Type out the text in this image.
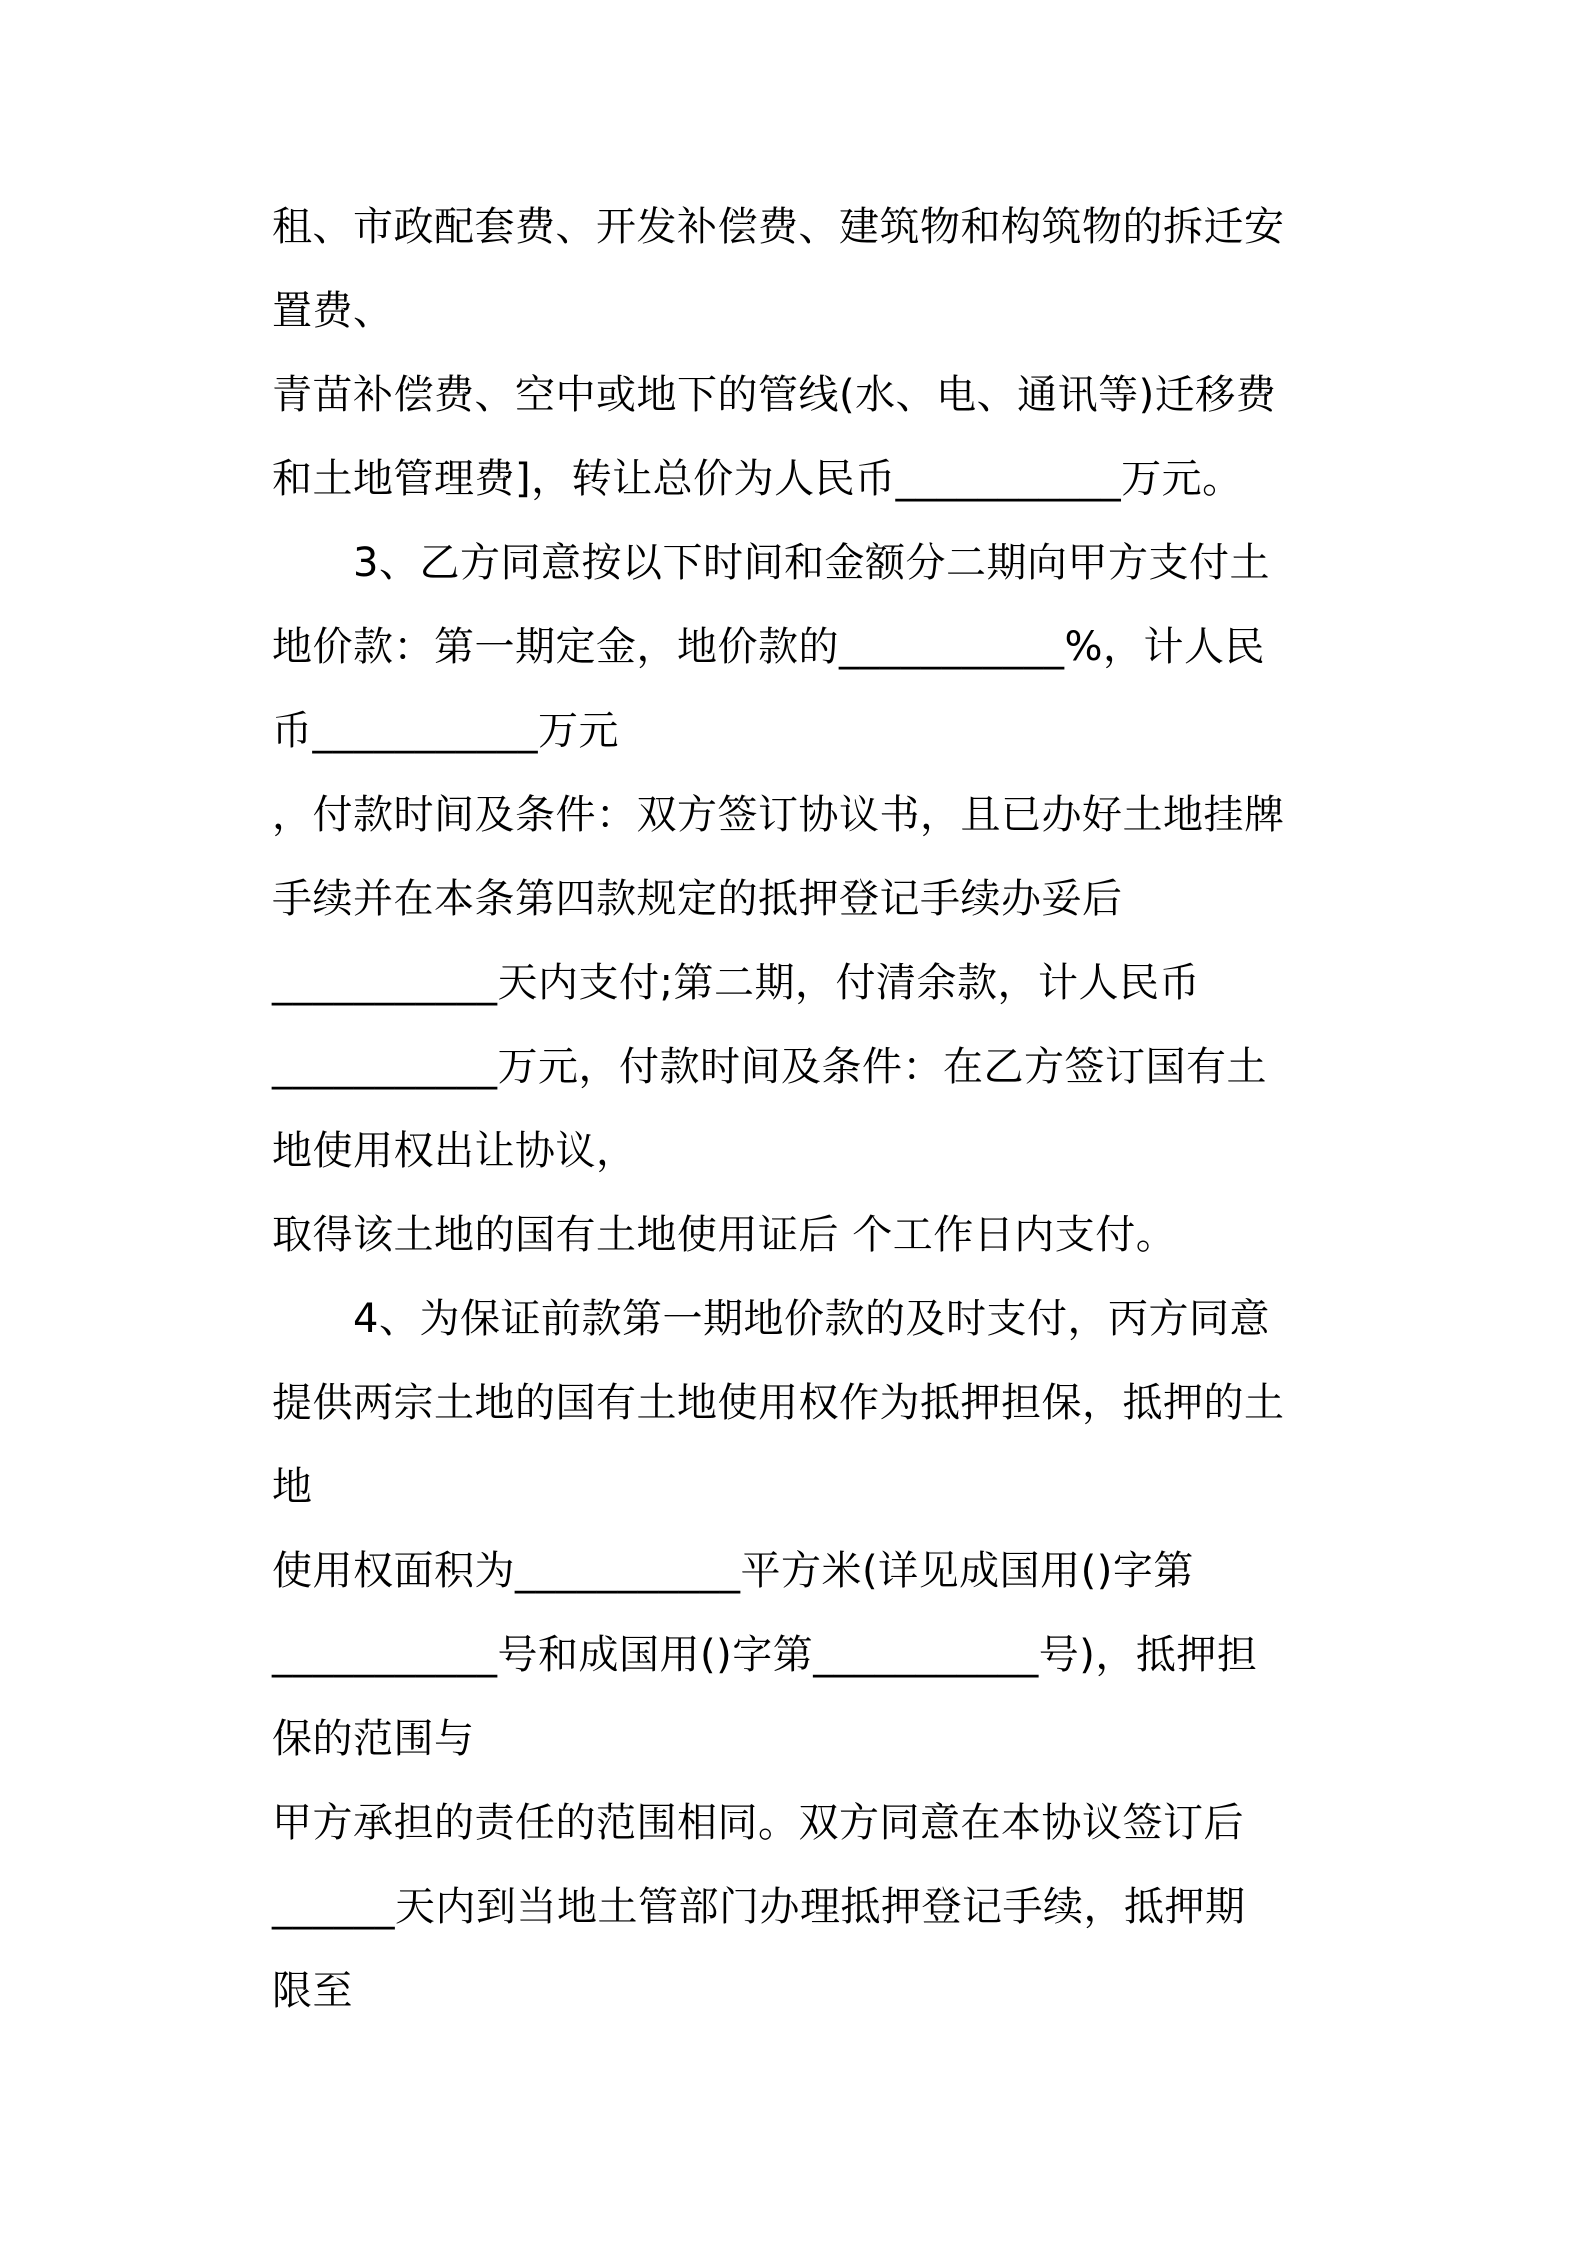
租、市政配套费、开发补偿费、建筑物和构筑物的拆迁安
置费、
青苗补偿费、空中或地下的管线(水、电、通讯等)迁移费
和土地管理费]，转让总价为人民币___________万元。
　　3、乙方同意按以下时间和金额分二期向甲方支付土
地价款：第一期定金，地价款的___________%，计人民
币___________万元
，付款时间及条件：双方签订协议书，且已办好土地挂牌
手续并在本条第四款规定的抵押登记手续办妥后
___________天内支付;第二期，付清余款，计人民币
___________万元，付款时间及条件：在乙方签订国有土
地使用权出让协议，
取得该土地的国有土地使用证后 个工作日内支付。
　　4、为保证前款第一期地价款的及时支付，丙方同意
提供两宗土地的国有土地使用权作为抵押担保，抵押的土
地
使用权面积为___________平方米(详见成国用()字第
___________号和成国用()字第___________号)，抵押担
保的范围与
甲方承担的责任的范围相同。双方同意在本协议签订后
______天内到当地土管部门办理抵押登记手续，抵押期
限至
